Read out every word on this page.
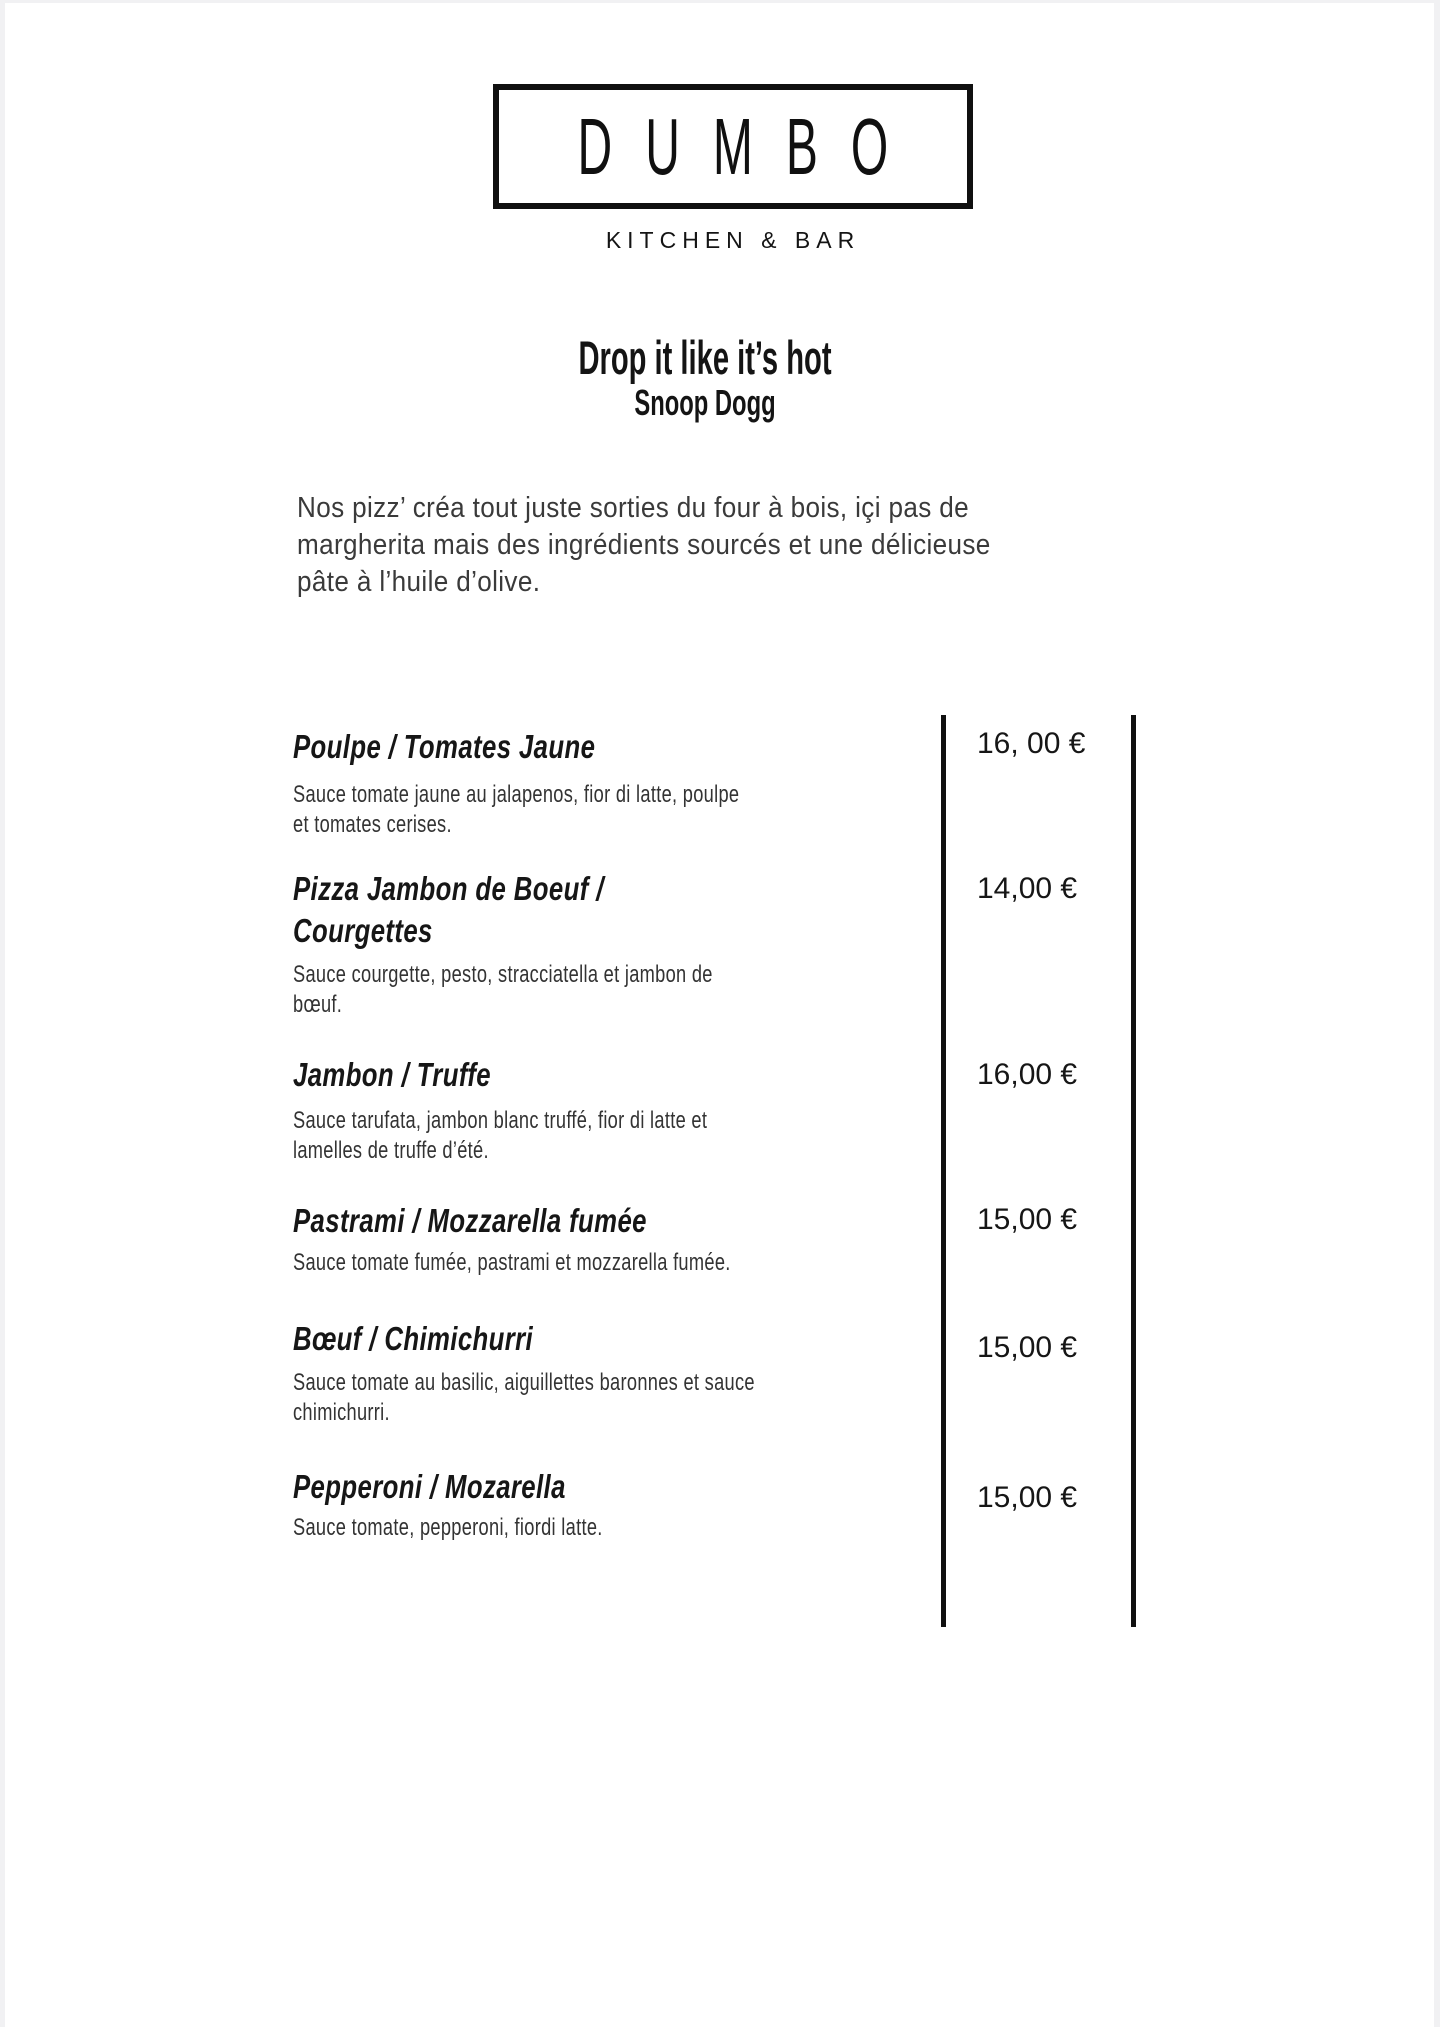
DUMBO
KITCHEN & BAR
Drop it like it’s hot
Snoop Dogg
Nos pizz’ créa tout juste sorties du four à bois, içi pas de
margherita mais des ingrédients sourcés et une délicieuse
pâte à l’huile d’olive.
Poulpe / Tomates Jaune
Sauce tomate jaune au jalapenos, fior di latte, poulpe
et tomates cerises.
16, 00 €
Pizza Jambon de Boeuf /
Courgettes
Sauce courgette, pesto, stracciatella et jambon de
bœuf.
14,00 €
Jambon / Truffe
Sauce tarufata, jambon blanc truffé, fior di latte et
lamelles de truffe d’été.
16,00 €
Pastrami / Mozzarella fumée
Sauce tomate fumée, pastrami et mozzarella fumée.
15,00 €
Bœuf / Chimichurri
Sauce tomate au basilic, aiguillettes baronnes et sauce
chimichurri.
15,00 €
Pepperoni / Mozarella
Sauce tomate, pepperoni, fiordi latte.
15,00 €
